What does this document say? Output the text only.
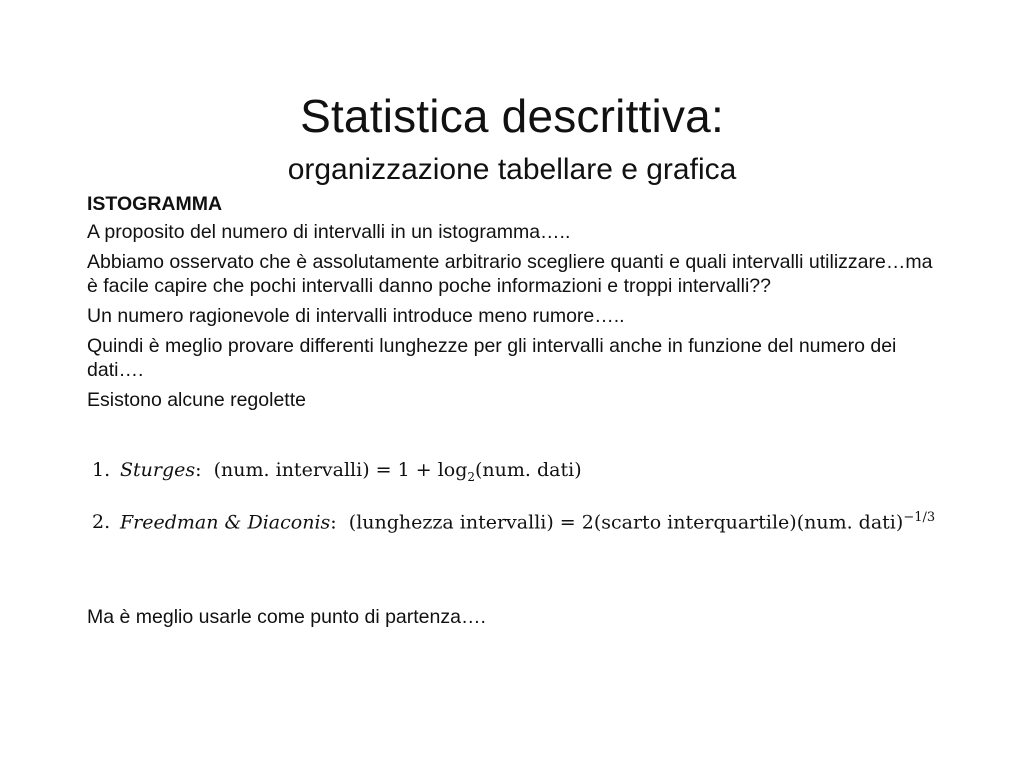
Statistica descrittiva:
organizzazione tabellare e grafica

ISTOGRAMMA

A proposito del numero di intervalli in un istogramma…..

Abbiamo osservato che è assolutamente arbitrario scegliere quanti e quali intervalli utilizzare…ma è facile capire che pochi intervalli danno poche informazioni e troppi intervalli??

Un numero ragionevole di intervalli introduce meno rumore…..

Quindi è meglio provare differenti lunghezze per gli intervalli anche in funzione del numero dei dati….

Esistono alcune regolette

1. Sturges: (num. intervalli) = $1 + \log_2(num$. dati)
2. Freedman & Diaconis: (lunghezza intervalli) = 2(scarto interquartile)(num. dati)$^{-1/3}$
Ma è meglio usarle come punto di partenza….
